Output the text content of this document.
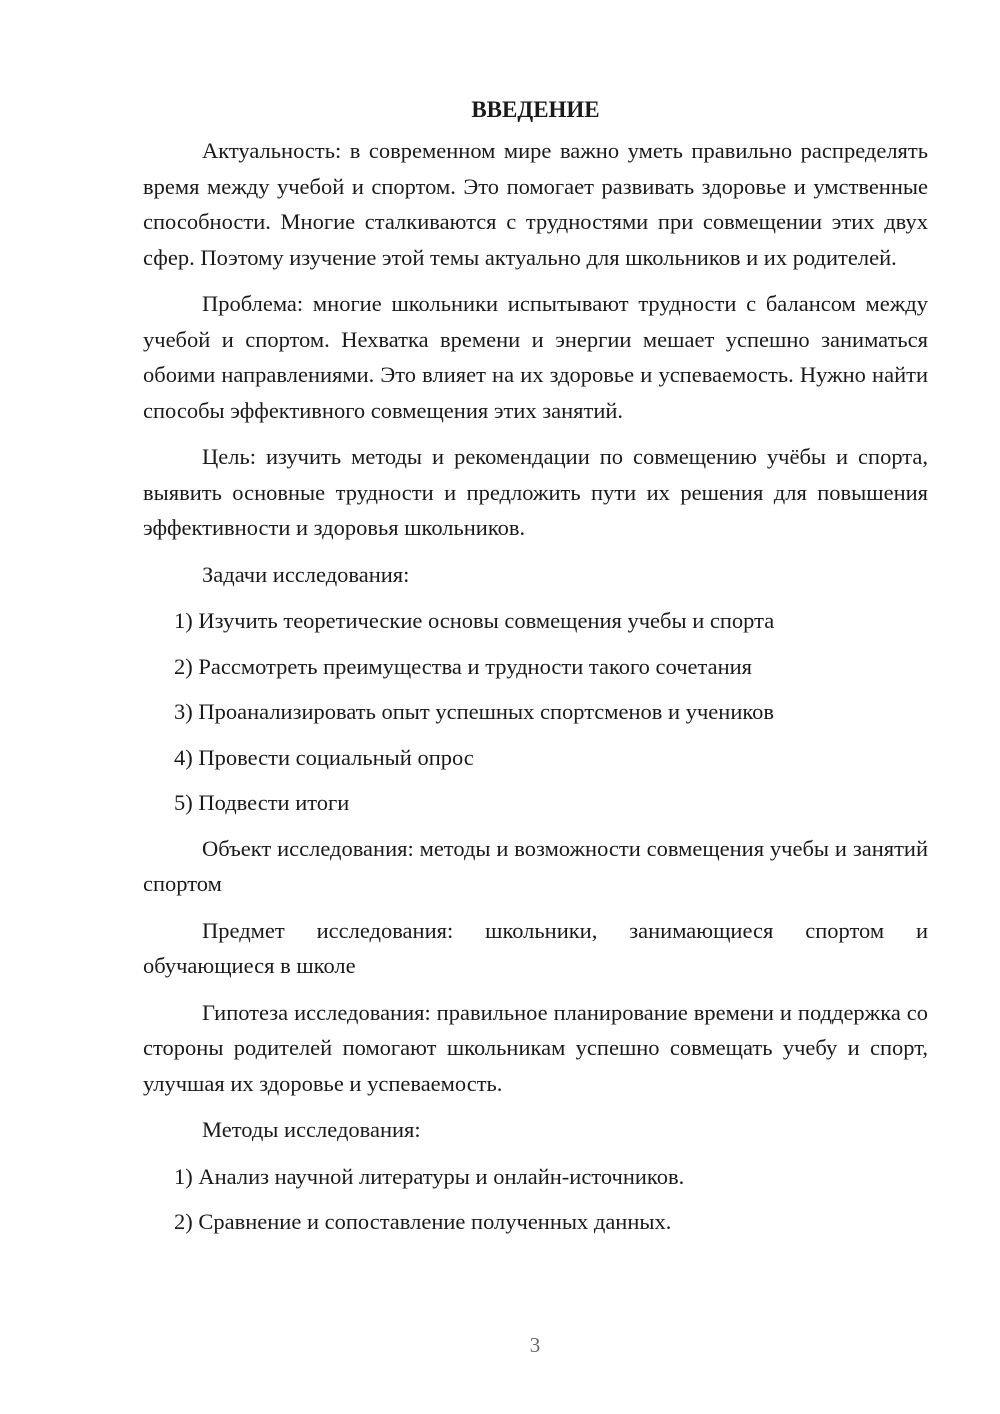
ВВЕДЕНИЕ

Актуальность: в современном мире важно уметь правильно распределять время между учебой и спортом. Это помогает развивать здоровье и умственные способности. Многие сталкиваются с трудностями при совмещении этих двух сфер. Поэтому изучение этой темы актуально для школьников и их родителей.

Проблема: многие школьники испытывают трудности с балансом между учебой и спортом. Нехватка времени и энергии мешает успешно заниматься обоими направлениями. Это влияет на их здоровье и успеваемость. Нужно найти способы эффективного совмещения этих занятий.

Цель: изучить методы и рекомендации по совмещению учёбы и спорта, выявить основные трудности и предложить пути их решения для повышения эффективности и здоровья школьников.

Задачи исследования:

1) Изучить теоретические основы совмещения учебы и спорта

2) Рассмотреть преимущества и трудности такого сочетания

3) Проанализировать опыт успешных спортсменов и учеников

4) Провести социальный опрос

5) Подвести итоги

Объект исследования: методы и возможности совмещения учебы и занятий спортом

Предмет исследования: школьники, занимающиеся спортом и обучающиеся в школе

Гипотеза исследования: правильное планирование времени и поддержка со стороны родителей помогают школьникам успешно совмещать учебу и спорт, улучшая их здоровье и успеваемость.

Методы исследования:

1) Анализ научной литературы и онлайн-источников.

2) Сравнение и сопоставление полученных данных.

3
